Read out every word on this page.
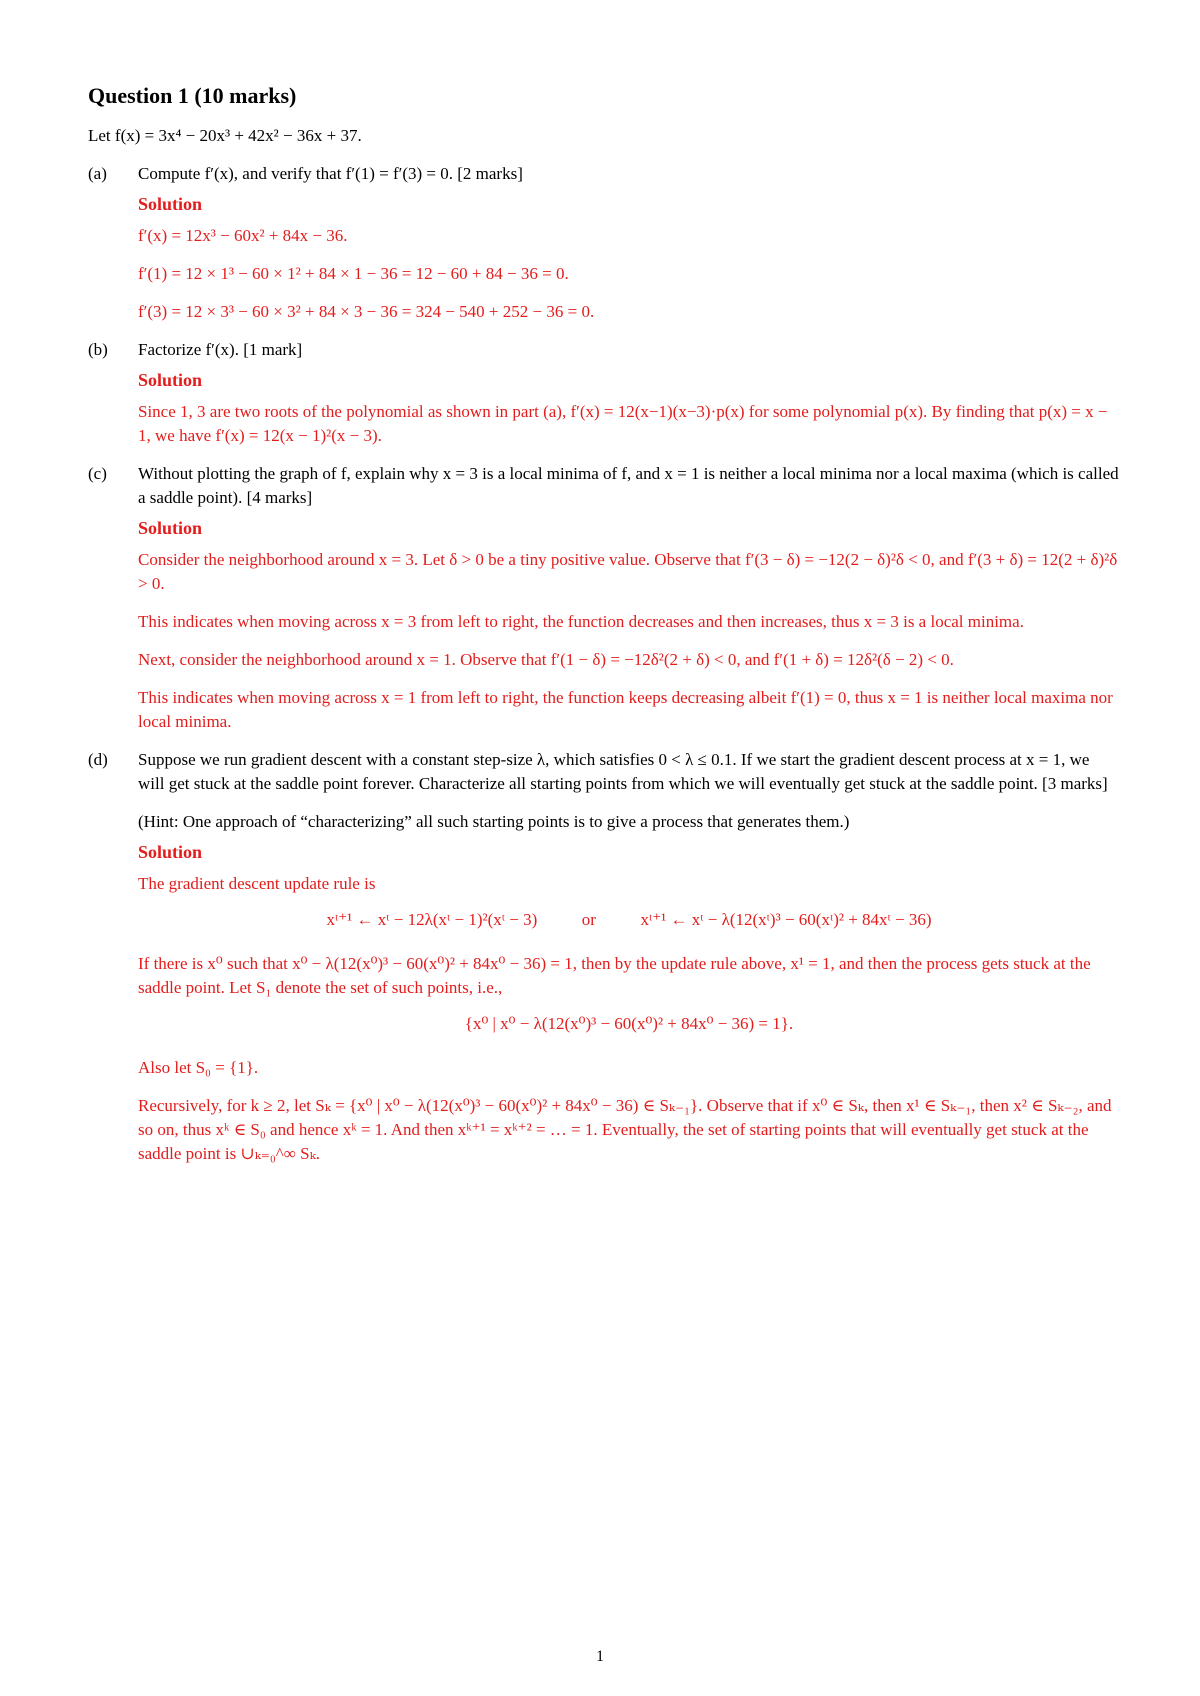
Question 1 (10 marks)
Let f(x) = 3x⁴ − 20x³ + 42x² − 36x + 37.
(a) Compute f′(x), and verify that f′(1) = f′(3) = 0. [2 marks]
Solution
f′(x) = 12x³ − 60x² + 84x − 36.
f′(1) = 12 × 1³ − 60 × 1² + 84 × 1 − 36 = 12 − 60 + 84 − 36 = 0.
f′(3) = 12 × 3³ − 60 × 3² + 84 × 3 − 36 = 324 − 540 + 252 − 36 = 0.
(b) Factorize f′(x). [1 mark]
Solution
Since 1, 3 are two roots of the polynomial as shown in part (a), f′(x) = 12(x−1)(x−3)·p(x) for some polynomial p(x). By finding that p(x) = x − 1, we have f′(x) = 12(x − 1)²(x − 3).
(c) Without plotting the graph of f, explain why x = 3 is a local minima of f, and x = 1 is neither a local minima nor a local maxima (which is called a saddle point). [4 marks]
Solution
Consider the neighborhood around x = 3. Let δ > 0 be a tiny positive value. Observe that f′(3 − δ) = −12(2 − δ)²δ < 0, and f′(3 + δ) = 12(2 + δ)²δ > 0.
This indicates when moving across x = 3 from left to right, the function decreases and then increases, thus x = 3 is a local minima.
Next, consider the neighborhood around x = 1. Observe that f′(1 − δ) = −12δ²(2 + δ) < 0, and f′(1 + δ) = 12δ²(δ − 2) < 0.
This indicates when moving across x = 1 from left to right, the function keeps decreasing albeit f′(1) = 0, thus x = 1 is neither local maxima nor local minima.
(d) Suppose we run gradient descent with a constant step-size λ, which satisfies 0 < λ ≤ 0.1. If we start the gradient descent process at x = 1, we will get stuck at the saddle point forever. Characterize all starting points from which we will eventually get stuck at the saddle point. [3 marks]
(Hint: One approach of “characterizing” all such starting points is to give a process that generates them.)
Solution
The gradient descent update rule is
xᵗ⁺¹ ← xᵗ − 12λ(xᵗ − 1)²(xᵗ − 3)	or	xᵗ⁺¹ ← xᵗ − λ(12(xᵗ)³ − 60(xᵗ)² + 84xᵗ − 36)
If there is x⁰ such that x⁰ − λ(12(x⁰)³ − 60(x⁰)² + 84x⁰ − 36) = 1, then by the update rule above, x¹ = 1, and then the process gets stuck at the saddle point. Let S₁ denote the set of such points, i.e.,
{x⁰ | x⁰ − λ(12(x⁰)³ − 60(x⁰)² + 84x⁰ − 36) = 1}.
Also let S₀ = {1}.
Recursively, for k ≥ 2, let Sₖ = {x⁰ | x⁰ − λ(12(x⁰)³ − 60(x⁰)² + 84x⁰ − 36) ∈ Sₖ₋₁}. Observe that if x⁰ ∈ Sₖ, then x¹ ∈ Sₖ₋₁, then x² ∈ Sₖ₋₂, and so on, thus xᵏ ∈ S₀ and hence xᵏ = 1. And then xᵏ⁺¹ = xᵏ⁺² = … = 1. Eventually, the set of starting points that will eventually get stuck at the saddle point is ∪ₖ₌₀^∞ Sₖ.
1
